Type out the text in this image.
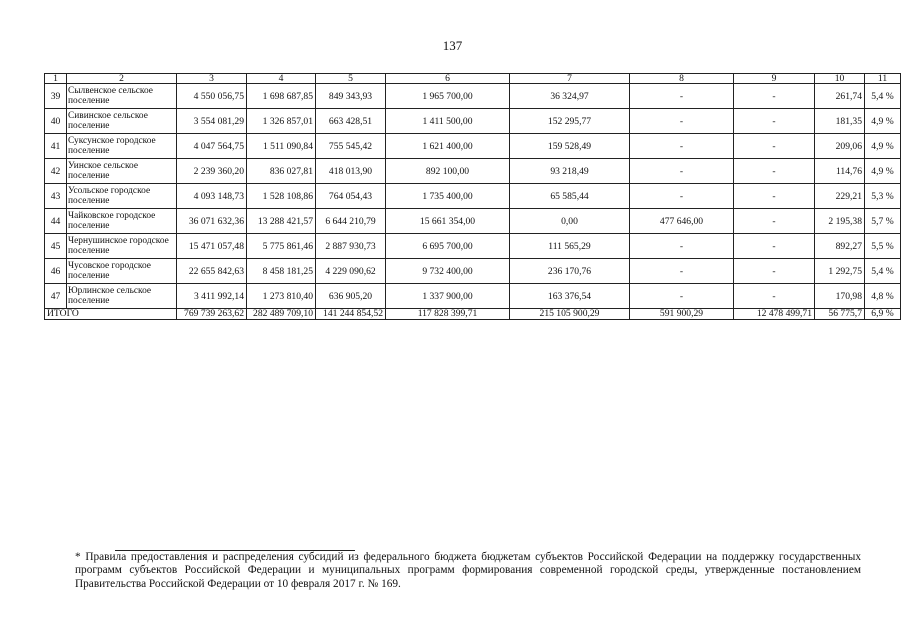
137
1	2	3	4	5	6	7	8	9	10	11
39	Сылвенское сельское поселение	4 550 056,75	1 698 687,85	849 343,93	1 965 700,00	36 324,97	-	-	261,74	5,4 %
40	Сивинское сельское поселение	3 554 081,29	1 326 857,01	663 428,51	1 411 500,00	152 295,77	-	-	181,35	4,9 %
41	Суксунское городское поселение	4 047 564,75	1 511 090,84	755 545,42	1 621 400,00	159 528,49	-	-	209,06	4,9 %
42	Уинское сельское поселение	2 239 360,20	836 027,81	418 013,90	892 100,00	93 218,49	-	-	114,76	4,9 %
43	Усольское городское поселение	4 093 148,73	1 528 108,86	764 054,43	1 735 400,00	65 585,44	-	-	229,21	5,3 %
44	Чайковское городское поселение	36 071 632,36	13 288 421,57	6 644 210,79	15 661 354,00	0,00	477 646,00	-	2 195,38	5,7 %
45	Чернушинское городское поселение	15 471 057,48	5 775 861,46	2 887 930,73	6 695 700,00	111 565,29	-	-	892,27	5,5 %
46	Чусовское городское поселение	22 655 842,63	8 458 181,25	4 229 090,62	9 732 400,00	236 170,76	-	-	1 292,75	5,4 %
47	Юрлинское сельское поселение	3 411 992,14	1 273 810,40	636 905,20	1 337 900,00	163 376,54	-	-	170,98	4,8 %
ИТОГО		769 739 263,62	282 489 709,10	141 244 854,52	117 828 399,71	215 105 900,29	591 900,29	12 478 499,71	56 775,7	6,9 %
* Правила предоставления и распределения субсидий из федерального бюджета бюджетам субъектов Российской Федерации на поддержку государственных программ субъектов Российской Федерации и муниципальных программ формирования современной городской среды, утвержденные постановлением Правительства Российской Федерации от 10 февраля 2017 г. № 169.
